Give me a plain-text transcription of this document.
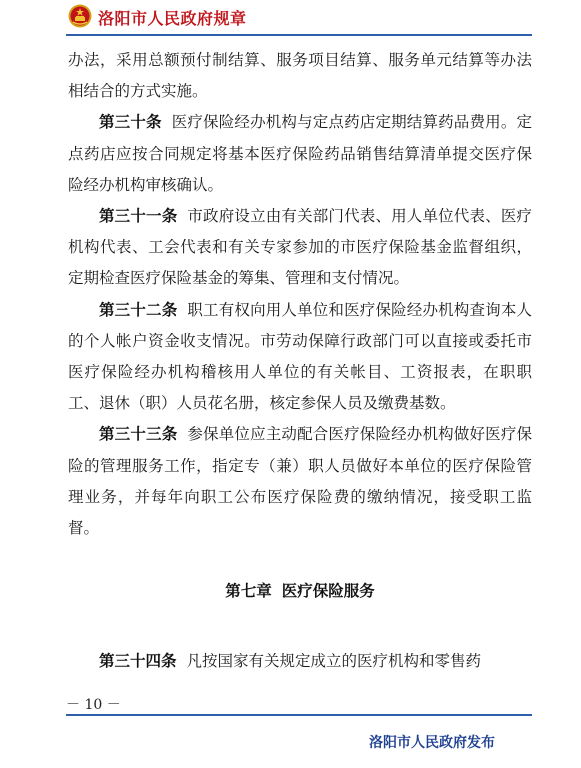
洛阳市人民政府规章

办法，采用总额预付制结算、服务项目结算、服务单元结算等办法相结合的方式实施。

第三十条 医疗保险经办机构与定点药店定期结算药品费用。定点药店应按合同规定将基本医疗保险药品销售结算清单提交医疗保险经办机构审核确认。

第三十一条 市政府设立由有关部门代表、用人单位代表、医疗机构代表、工会代表和有关专家参加的市医疗保险基金监督组织，定期检查医疗保险基金的筹集、管理和支付情况。

第三十二条 职工有权向用人单位和医疗保险经办机构查询本人的个人帐户资金收支情况。市劳动保障行政部门可以直接或委托市医疗保险经办机构稽核用人单位的有关帐目、工资报表，在职职工、退休（职）人员花名册，核定参保人员及缴费基数。

第三十三条 参保单位应主动配合医疗保险经办机构做好医疗保险的管理服务工作，指定专（兼）职人员做好本单位的医疗保险管理业务，并每年向职工公布医疗保险费的缴纳情况，接受职工监督。

第七章 医疗保险服务
第三十四条 凡按国家有关规定成立的医疗机构和零售药
－ 10 －
洛阳市人民政府发布
